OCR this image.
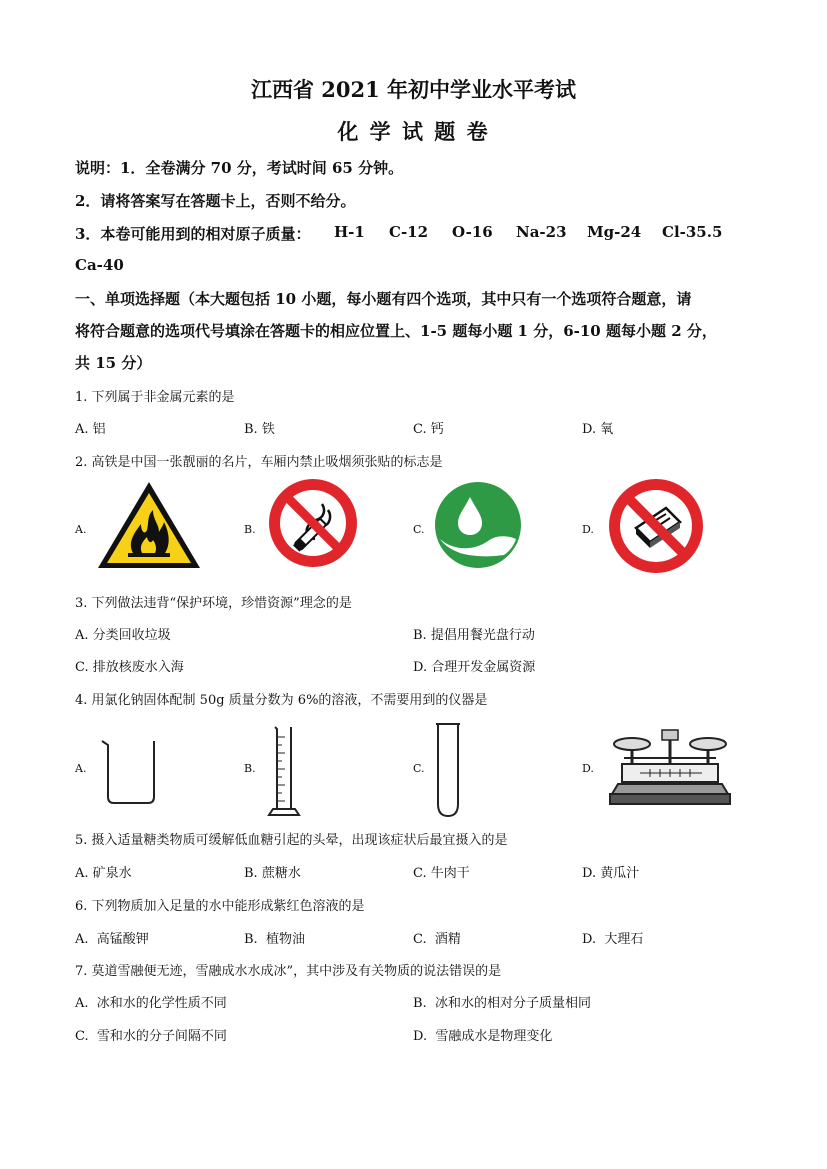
江西省 2021 年初中学业水平考试
化 学 试 题 卷
说明：1．全卷满分 70 分，考试时间 65 分钟。
2．请将答案写在答题卡上，否则不给分。
3．本卷可能用到的相对原子质量： H-1 C-12 O-16 Na-23 Mg-24 Cl-35.5
Ca-40
一、单项选择题（本大题包括 10 小题，每小题有四个选项，其中只有一个选项符合题意，请
将符合题意的选项代号填涂在答题卡的相应位置上、1-5 题每小题 1 分，6-10 题每小题 2 分，
共 15 分）
1. 下列属于非金属元素的是
A. 铝	B. 铁	C. 钙	D. 氧
2. 高铁是中国一张靓丽的名片，车厢内禁止吸烟须张贴的标志是
A.	B.	C.	D.
3. 下列做法违背“保护环境，珍惜资源”理念的是
A. 分类回收垃圾	B. 提倡用餐光盘行动
C. 排放核废水入海	D. 合理开发金属资源
4. 用氯化钠固体配制 50g 质量分数为 6%的溶液，不需要用到的仪器是
A.	B.	C.	D.
5. 摄入适量糖类物质可缓解低血糖引起的头晕，出现该症状后最宜摄入的是
A. 矿泉水	B. 蔗糖水	C. 牛肉干	D. 黄瓜汁
6. 下列物质加入足量的水中能形成紫红色溶液的是
A.  高锰酸钾	B.  植物油	C.  酒精	D.  大理石
7. 莫道雪融便无迹，雪融成水水成冰”，其中涉及有关物质的说法错误的是
A.  冰和水的化学性质不同	B.  冰和水的相对分子质量相同
C.  雪和水的分子间隔不同	D.  雪融成水是物理变化
